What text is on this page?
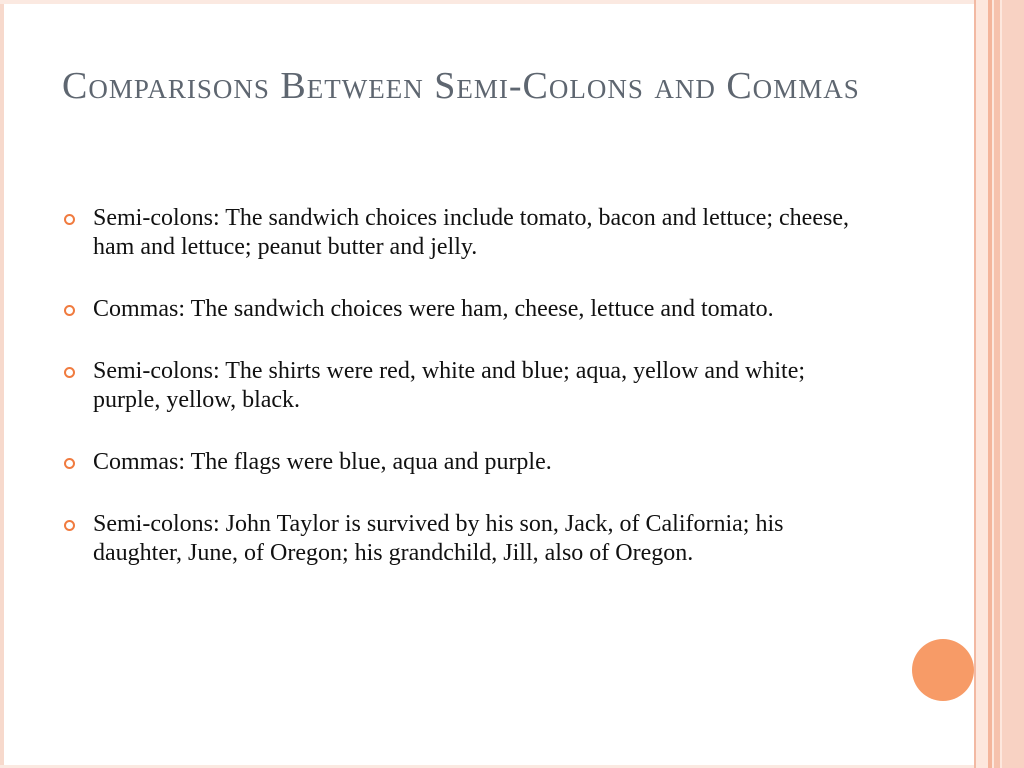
Comparisons Between Semi-Colons and Commas
Semi-colons: The sandwich choices include tomato, bacon and lettuce; cheese, ham and lettuce; peanut butter and jelly.
Commas: The sandwich choices were ham, cheese, lettuce and tomato.
Semi-colons: The shirts were red, white and blue; aqua, yellow and white; purple, yellow, black.
Commas: The flags were blue, aqua and purple.
Semi-colons: John Taylor is survived by his son, Jack, of California; his daughter, June, of Oregon; his grandchild, Jill, also of Oregon.
